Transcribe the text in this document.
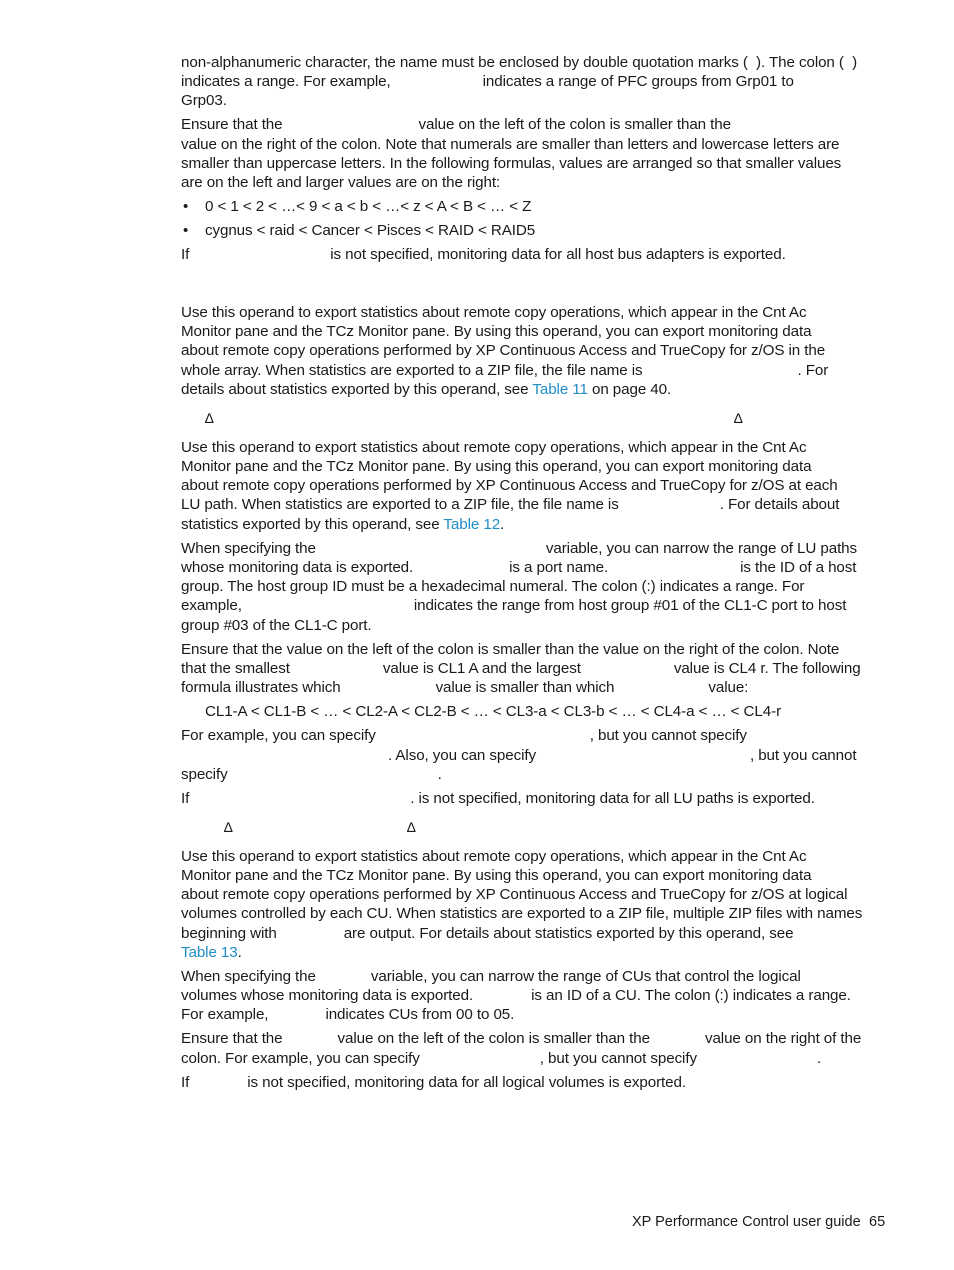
non-alphanumeric character, the name must be enclosed by double quotation marks (  ). The colon (  )
indicates a range. For example,	indicates a range of PFC groups from Grp01 to
Grp03.
Ensure that the	value on the left of the colon is smaller than the
value on the right of the colon. Note that numerals are smaller than letters and lowercase letters are
smaller than uppercase letters. In the following formulas, values are arranged so that smaller values
are on the left and larger values are on the right:
• 0 < 1 < 2 < …< 9 < a < b < …< z < A < B < … < Z
• cygnus < raid < Cancer < Pisces < RAID < RAID5
If	is not specified, monitoring data for all host bus adapters is exported.
Use this operand to export statistics about remote copy operations, which appear in the Cnt Ac
Monitor pane and the TCz Monitor pane. By using this operand, you can export monitoring data
about remote copy operations performed by XP Continuous Access and TrueCopy for z/OS in the
whole array. When statistics are exported to a ZIP file, the file name is	. For
details about statistics exported by this operand, see Table 11 on page 40.
∆	∆
Use this operand to export statistics about remote copy operations, which appear in the Cnt Ac
Monitor pane and the TCz Monitor pane. By using this operand, you can export monitoring data
about remote copy operations performed by XP Continuous Access and TrueCopy for z/OS at each
LU path. When statistics are exported to a ZIP file, the file name is	. For details about
statistics exported by this operand, see Table 12.
When specifying the	variable, you can narrow the range of LU paths
whose monitoring data is exported.	is a port name.	is the ID of a host
group. The host group ID must be a hexadecimal numeral. The colon (:) indicates a range. For
example,	indicates the range from host group #01 of the CL1-C port to host
group #03 of the CL1-C port.
Ensure that the value on the left of the colon is smaller than the value on the right of the colon. Note
that the smallest	value is CL1 A and the largest	value is CL4 r. The following
formula illustrates which	value is smaller than which	value:
CL1-A < CL1-B < … < CL2-A < CL2-B < … < CL3-a < CL3-b < … < CL4-a < … < CL4-r
For example, you can specify	, but you cannot specify
. Also, you can specify	, but you cannot
specify	.
If	. is not specified, monitoring data for all LU paths is exported.
∆	∆
Use this operand to export statistics about remote copy operations, which appear in the Cnt Ac
Monitor pane and the TCz Monitor pane. By using this operand, you can export monitoring data
about remote copy operations performed by XP Continuous Access and TrueCopy for z/OS at logical
volumes controlled by each CU. When statistics are exported to a ZIP file, multiple ZIP files with names
beginning with	are output. For details about statistics exported by this operand, see
Table 13.
When specifying the	variable, you can narrow the range of CUs that control the logical
volumes whose monitoring data is exported.	is an ID of a CU. The colon (:) indicates a range.
For example,	indicates CUs from 00 to 05.
Ensure that the	value on the left of the colon is smaller than the	value on the right of the
colon. For example, you can specify	, but you cannot specify	.
If	is not specified, monitoring data for all logical volumes is exported.
XP Performance Control user guide 65
